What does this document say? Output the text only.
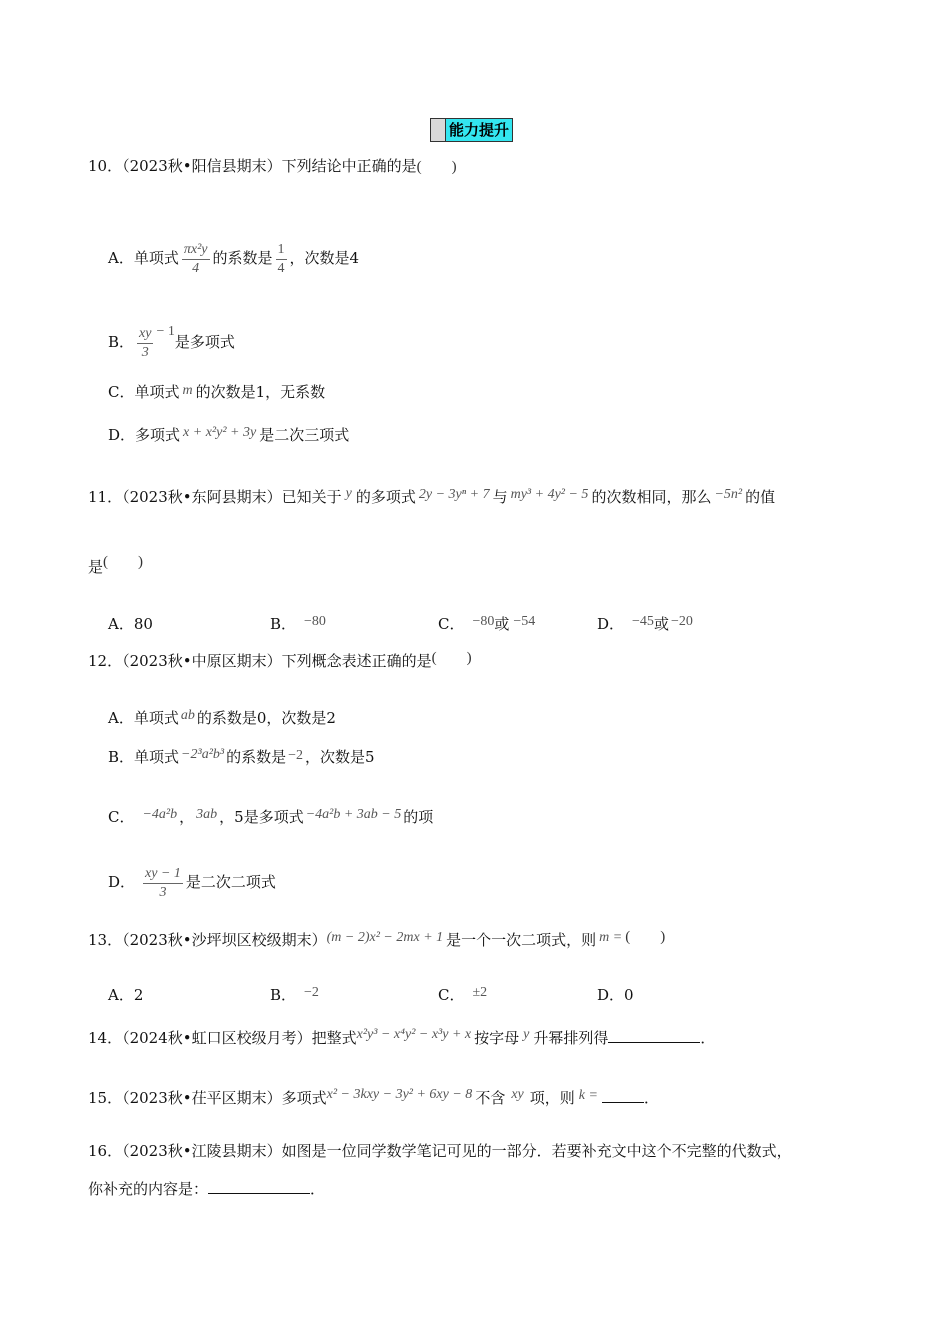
能力提升
10．（2023秋•阳信县期末）下列结论中正确的是(　　)
A．单项式 $\frac{\text{πx²y}}{4}$ 的系数是 $\frac{1}{4}$ ，次数是4
B． $\frac{xy}{3} - 1$是多项式
C．单项式 m 的次数是1，无系数
D．多项式 x + x²y² + 3y 是二次三项式
11．（2023秋•东阿县期末）已知关于 y 的多项式 2y − 3yⁿ + 7 与 my³ + 4y² − 5 的次数相同，那么 −5n² 的值
是(　　)
A．80	B． −80	C． −80或 −54	D． −45或 −20
12．（2023秋•中原区期末）下列概念表述正确的是(　　)
A．单项式 ab 的系数是0，次数是2
B．单项式 −2³a²b³ 的系数是 −2 ，次数是5
C． −4a²b ， 3ab ，5是多项式 −4a²b + 3ab − 5 的项
D． $\frac{xy - 1}{3}$ 是二次二项式
13．（2023秋•沙坪坝区校级期末）(m − 2)x² − 2mx + 1 是一个一次二项式，则 m = (　　)
A．2	B． −2	C． ±2	D．0
14．（2024秋•虹口区校级月考）把整式x²y³ − x⁴y² − x³y + x 按字母 y 升幂排列得	．
15．（2023秋•茌平区期末）多项式x² − 3kxy − 3y² + 6xy − 8 不含 xy 项，则 k =	．
16．（2023秋•江陵县期末）如图是一位同学数学笔记可见的一部分．若要补充文中这个不完整的代数式，
你补充的内容是：	．
